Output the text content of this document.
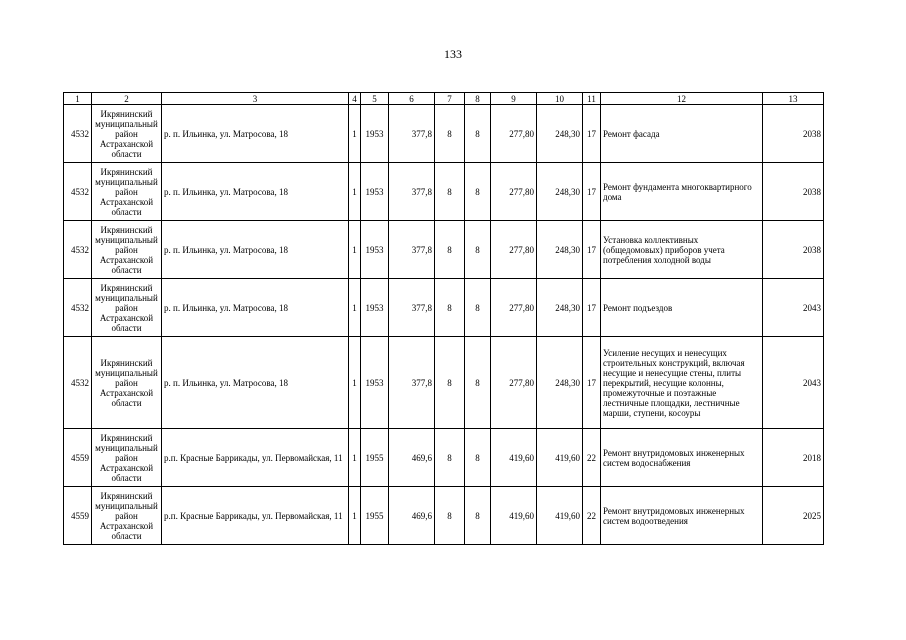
133
1	2	3	4	5	6	7	8	9	10	11	12	13
4532	Икрянинский муниципальный район Астраханской области	р. п. Ильинка, ул. Матросова, 18	1	1953	377,8	8	8	277,80	248,30	17	Ремонт фасада	2038
4532	Икрянинский муниципальный район Астраханской области	р. п. Ильинка, ул. Матросова, 18	1	1953	377,8	8	8	277,80	248,30	17	Ремонт фундамента многоквартирного дома	2038
4532	Икрянинский муниципальный район Астраханской области	р. п. Ильинка, ул. Матросова, 18	1	1953	377,8	8	8	277,80	248,30	17	Установка коллективных (общедомовых) приборов учета потребления холодной воды	2038
4532	Икрянинский муниципальный район Астраханской области	р. п. Ильинка, ул. Матросова, 18	1	1953	377,8	8	8	277,80	248,30	17	Ремонт подъездов	2043
4532	Икрянинский муниципальный район Астраханской области	р. п. Ильинка, ул. Матросова, 18	1	1953	377,8	8	8	277,80	248,30	17	Усиление несущих и ненесущих строительных конструкций, включая несущие и ненесущие стены, плиты перекрытий, несущие колонны, промежуточные и поэтажные лестничные площадки, лестничные марши, ступени, косоуры	2043
4559	Икрянинский муниципальный район Астраханской области	р.п. Красные Баррикады, ул. Первомайская, 11	1	1955	469,6	8	8	419,60	419,60	22	Ремонт внутридомовых инженерных систем водоснабжения	2018
4559	Икрянинский муниципальный район Астраханской области	р.п. Красные Баррикады, ул. Первомайская, 11	1	1955	469,6	8	8	419,60	419,60	22	Ремонт внутридомовых инженерных систем водоотведения	2025
